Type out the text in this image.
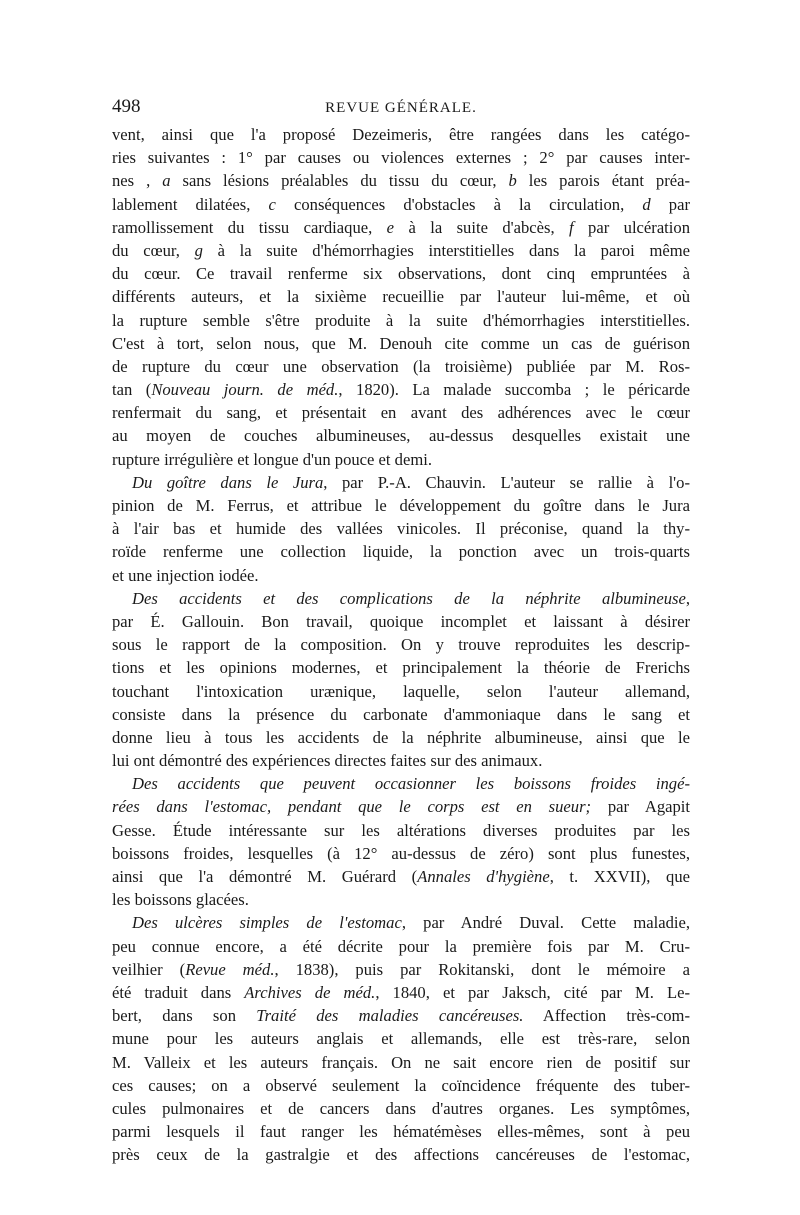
498	REVUE GÉNÉRALE.
vent, ainsi que l'a proposé Dezeimeris, être rangées dans les catégo-
ries suivantes : 1° par causes ou violences externes ; 2° par causes inter-
nes , a sans lésions préalables du tissu du cœur, b les parois étant préa-
lablement dilatées, c conséquences d'obstacles à la circulation, d par
ramollissement du tissu cardiaque, e à la suite d'abcès, f par ulcération
du cœur, g à la suite d'hémorrhagies interstitielles dans la paroi même
du cœur. Ce travail renferme six observations, dont cinq empruntées à
différents auteurs, et la sixième recueillie par l'auteur lui-même, et où
la rupture semble s'être produite à la suite d'hémorrhagies interstitielles.
C'est à tort, selon nous, que M. Denouh cite comme un cas de guérison
de rupture du cœur une observation (la troisième) publiée par M. Ros-
tan (Nouveau journ. de méd., 1820). La malade succomba ; le péricarde
renfermait du sang, et présentait en avant des adhérences avec le cœur
au moyen de couches albumineuses, au-dessus desquelles existait une
rupture irrégulière et longue d'un pouce et demi.
Du goître dans le Jura, par P.-A. Chauvin. L'auteur se rallie à l'o-
pinion de M. Ferrus, et attribue le développement du goître dans le Jura
à l'air bas et humide des vallées vinicoles. Il préconise, quand la thy-
roïde renferme une collection liquide, la ponction avec un trois-quarts
et une injection iodée.
Des accidents et des complications de la néphrite albumineuse,
par É. Gallouin. Bon travail, quoique incomplet et laissant à désirer
sous le rapport de la composition. On y trouve reproduites les descrip-
tions et les opinions modernes, et principalement la théorie de Frerichs
touchant l'intoxication urænique, laquelle, selon l'auteur allemand,
consiste dans la présence du carbonate d'ammoniaque dans le sang et
donne lieu à tous les accidents de la néphrite albumineuse, ainsi que le
lui ont démontré des expériences directes faites sur des animaux.
Des accidents que peuvent occasionner les boissons froides ingé-
rées dans l'estomac, pendant que le corps est en sueur; par Agapit
Gesse. Étude intéressante sur les altérations diverses produites par les
boissons froides, lesquelles (à 12° au-dessus de zéro) sont plus funestes,
ainsi que l'a démontré M. Guérard (Annales d'hygiène, t. XXVII), que
les boissons glacées.
Des ulcères simples de l'estomac, par André Duval. Cette maladie,
peu connue encore, a été décrite pour la première fois par M. Cru-
veilhier (Revue méd., 1838), puis par Rokitanski, dont le mémoire a
été traduit dans Archives de méd., 1840, et par Jaksch, cité par M. Le-
bert, dans son Traité des maladies cancéreuses. Affection très-com-
mune pour les auteurs anglais et allemands, elle est très-rare, selon
M. Valleix et les auteurs français. On ne sait encore rien de positif sur
ces causes; on a observé seulement la coïncidence fréquente des tuber-
cules pulmonaires et de cancers dans d'autres organes. Les symptômes,
parmi lesquels il faut ranger les hématémèses elles-mêmes, sont à peu
près ceux de la gastralgie et des affections cancéreuses de l'estomac,
